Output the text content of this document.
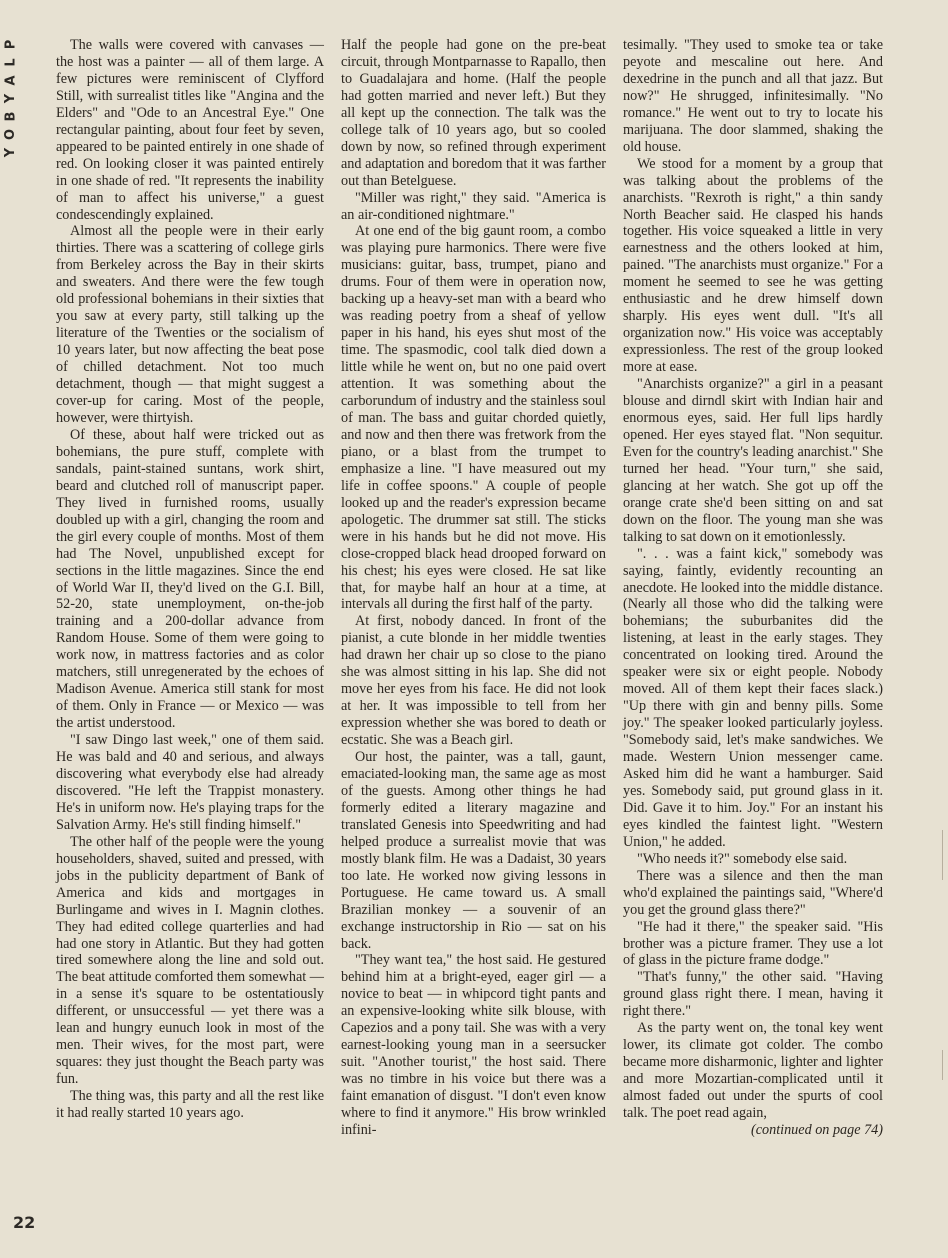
P
L
A
Y
B
O
Y

The walls were covered with canvases — the host was a painter — all of them large. A few pictures were reminiscent of Clyfford Still, with surrealist titles like "Angina and the Elders" and "Ode to an Ancestral Eye." One rectangular painting, about four feet by seven, appeared to be painted entirely in one shade of red. On looking closer it was painted entirely in one shade of red. "It represents the inability of man to affect his universe," a guest condescendingly explained.

Almost all the people were in their early thirties. There was a scattering of college girls from Berkeley across the Bay in their skirts and sweaters. And there were the few tough old professional bohemians in their sixties that you saw at every party, still talking up the literature of the Twenties or the socialism of 10 years later, but now affecting the beat pose of chilled detachment. Not too much detachment, though — that might suggest a cover-up for caring. Most of the people, however, were thirtyish.

Of these, about half were tricked out as bohemians, the pure stuff, complete with sandals, paint-stained suntans, work shirt, beard and clutched roll of manuscript paper. They lived in furnished rooms, usually doubled up with a girl, changing the room and the girl every couple of months. Most of them had The Novel, unpublished except for sections in the little magazines. Since the end of World War II, they'd lived on the G.I. Bill, 52-20, state unemployment, on-the-job training and a 200-dollar advance from Random House. Some of them were going to work now, in mattress factories and as color matchers, still unregenerated by the echoes of Madison Avenue. America still stank for most of them. Only in France — or Mexico — was the artist understood.

"I saw Dingo last week," one of them said. He was bald and 40 and serious, and always discovering what everybody else had already discovered. "He left the Trappist monastery. He's in uniform now. He's playing traps for the Salvation Army. He's still finding himself."

The other half of the people were the young householders, shaved, suited and pressed, with jobs in the publicity department of Bank of America and kids and mortgages in Burlingame and wives in I. Magnin clothes. They had edited college quarterlies and had had one story in Atlantic. But they had gotten tired somewhere along the line and sold out. The beat attitude comforted them somewhat — in a sense it's square to be ostentatiously different, or unsuccessful — yet there was a lean and hungry eunuch look in most of the men. Their wives, for the most part, were squares: they just thought the Beach party was fun.

The thing was, this party and all the rest like it had really started 10 years ago.

Half the people had gone on the pre-beat circuit, through Montparnasse to Rapallo, then to Guadalajara and home. (Half the people had gotten married and never left.) But they all kept up the connection. The talk was the college talk of 10 years ago, but so cooled down by now, so refined through experiment and adaptation and boredom that it was farther out than Betelguese.

"Miller was right," they said. "America is an air-conditioned nightmare."

At one end of the big gaunt room, a combo was playing pure harmonics. There were five musicians: guitar, bass, trumpet, piano and drums. Four of them were in operation now, backing up a heavy-set man with a beard who was reading poetry from a sheaf of yellow paper in his hand, his eyes shut most of the time. The spasmodic, cool talk died down a little while he went on, but no one paid overt attention. It was something about the carborundum of industry and the stainless soul of man. The bass and guitar chorded quietly, and now and then there was fretwork from the piano, or a blast from the trumpet to emphasize a line. "I have measured out my life in coffee spoons." A couple of people looked up and the reader's expression became apologetic. The drummer sat still. The sticks were in his hands but he did not move. His close-cropped black head drooped forward on his chest; his eyes were closed. He sat like that, for maybe half an hour at a time, at intervals all during the first half of the party.

At first, nobody danced. In front of the pianist, a cute blonde in her middle twenties had drawn her chair up so close to the piano she was almost sitting in his lap. She did not move her eyes from his face. He did not look at her. It was impossible to tell from her expression whether she was bored to death or ecstatic. She was a Beach girl.

Our host, the painter, was a tall, gaunt, emaciated-looking man, the same age as most of the guests. Among other things he had formerly edited a literary magazine and translated Genesis into Speedwriting and had helped produce a surrealist movie that was mostly blank film. He was a Dadaist, 30 years too late. He worked now giving lessons in Portuguese. He came toward us. A small Brazilian monkey — a souvenir of an exchange instructorship in Rio — sat on his back.

"They want tea," the host said. He gestured behind him at a bright-eyed, eager girl — a novice to beat — in whipcord tight pants and an expensive-looking white silk blouse, with Capezios and a pony tail. She was with a very earnest-looking young man in a seersucker suit. "Another tourist," the host said. There was no timbre in his voice but there was a faint emanation of disgust. "I don't even know where to find it anymore." His brow wrinkled infini-

tesimally. "They used to smoke tea or take peyote and mescaline out here. And dexedrine in the punch and all that jazz. But now?" He shrugged, infinitesimally. "No romance." He went out to try to locate his marijuana. The door slammed, shaking the old house.

We stood for a moment by a group that was talking about the problems of the anarchists. "Rexroth is right," a thin sandy North Beacher said. He clasped his hands together. His voice squeaked a little in very earnestness and the others looked at him, pained. "The anarchists must organize." For a moment he seemed to see he was getting enthusiastic and he drew himself down sharply. His eyes went dull. "It's all organization now." His voice was acceptably expressionless. The rest of the group looked more at ease.

"Anarchists organize?" a girl in a peasant blouse and dirndl skirt with Indian hair and enormous eyes, said. Her full lips hardly opened. Her eyes stayed flat. "Non sequitur. Even for the country's leading anarchist." She turned her head. "Your turn," she said, glancing at her watch. She got up off the orange crate she'd been sitting on and sat down on the floor. The young man she was talking to sat down on it emotionlessly.

". . . was a faint kick," somebody was saying, faintly, evidently recounting an anecdote. He looked into the middle distance. (Nearly all those who did the talking were bohemians; the suburbanites did the listening, at least in the early stages. They concentrated on looking tired. Around the speaker were six or eight people. Nobody moved. All of them kept their faces slack.) "Up there with gin and benny pills. Some joy." The speaker looked particularly joyless. "Somebody said, let's make sandwiches. We made. Western Union messenger came. Asked him did he want a hamburger. Said yes. Somebody said, put ground glass in it. Did. Gave it to him. Joy." For an instant his eyes kindled the faintest light. "Western Union," he added.

"Who needs it?" somebody else said.

There was a silence and then the man who'd explained the paintings said, "Where'd you get the ground glass there?"

"He had it there," the speaker said. "His brother was a picture framer. They use a lot of glass in the picture frame dodge."

"That's funny," the other said. "Having ground glass right there. I mean, having it right there."

As the party went on, the tonal key went lower, its climate got colder. The combo became more disharmonic, lighter and lighter and more Mozartian-complicated until it almost faded out under the spurts of cool talk. The poet read again,

(continued on page 74)

22
